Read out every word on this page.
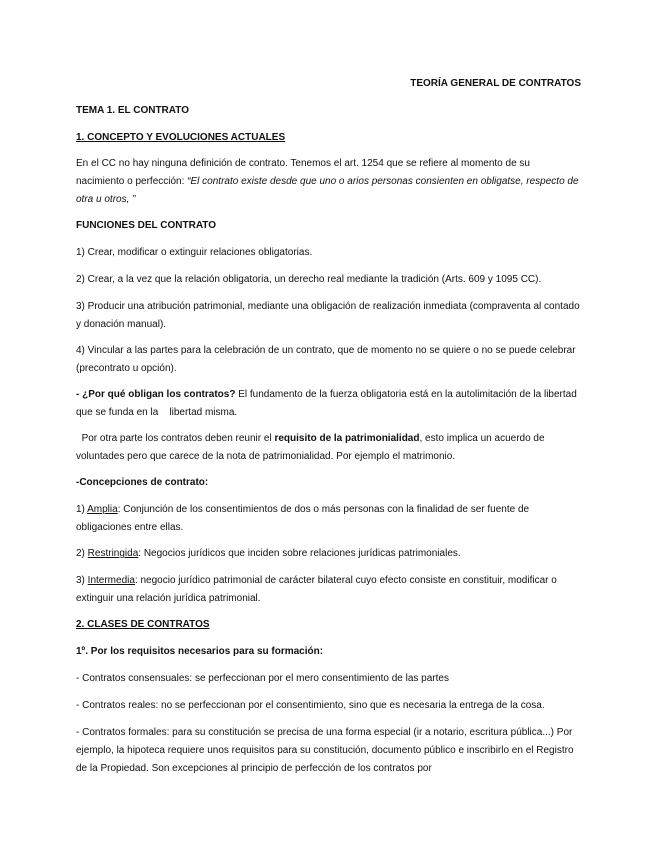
TEORÍA GENERAL DE CONTRATOS
TEMA 1. EL CONTRATO
1. CONCEPTO Y EVOLUCIONES ACTUALES

En el CC no hay ninguna definición de contrato. Tenemos el art. 1254 que se refiere al momento de su nacimiento o perfección: “El contrato existe desde que uno o arios personas consienten en obligatse, respecto de otra u otros, ”

FUNCIONES DEL CONTRATO

1) Crear, modificar o extinguir relaciones obligatorias.

2) Crear, a la vez que la relación obligatoria, un derecho real mediante la tradición (Arts. 609 y 1095 CC).

3) Producir una atribución patrimonial, mediante una obligación de realización inmediata (compraventa al contado y donación manual).

4) Vincular a las partes para la celebración de un contrato, que de momento no se quiere o no se puede celebrar (precontrato u opción).

- ¿Por qué obligan los contratos? El fundamento de la fuerza obligatoria está en la autolimitación de la libertad que se funda en la    libertad misma.

Por otra parte los contratos deben reunir el requisito de la patrimonialidad, esto implica un acuerdo de voluntades pero que carece de la nota de patrimonialidad. Por ejemplo el matrimonio.

-Concepciones de contrato:

1) Amplia: Conjunción de los consentimientos de dos o más personas con la finalidad de ser fuente de obligaciones entre ellas.

2) Restringida: Negocios jurídicos que inciden sobre relaciones jurídicas patrimoniales.

3) Intermedia: negocio jurídico patrimonial de carácter bilateral cuyo efecto consiste en constituir, modificar o extinguir una relación jurídica patrimonial.

2. CLASES DE CONTRATOS
1º. Por los requisitos necesarios para su formación:

- Contratos consensuales: se perfeccionan por el mero consentimiento de las partes

- Contratos reales: no se perfeccionan por el consentimiento, sino que es necesaria la entrega de la cosa.

- Contratos formales: para su constitución se precisa de una forma especial (ir a notario, escritura pública...) Por ejemplo, la hipoteca requiere unos requisitos para su constitución, documento público e inscribirlo en el Registro de la Propiedad. Son excepciones al principio de perfección de los contratos por
